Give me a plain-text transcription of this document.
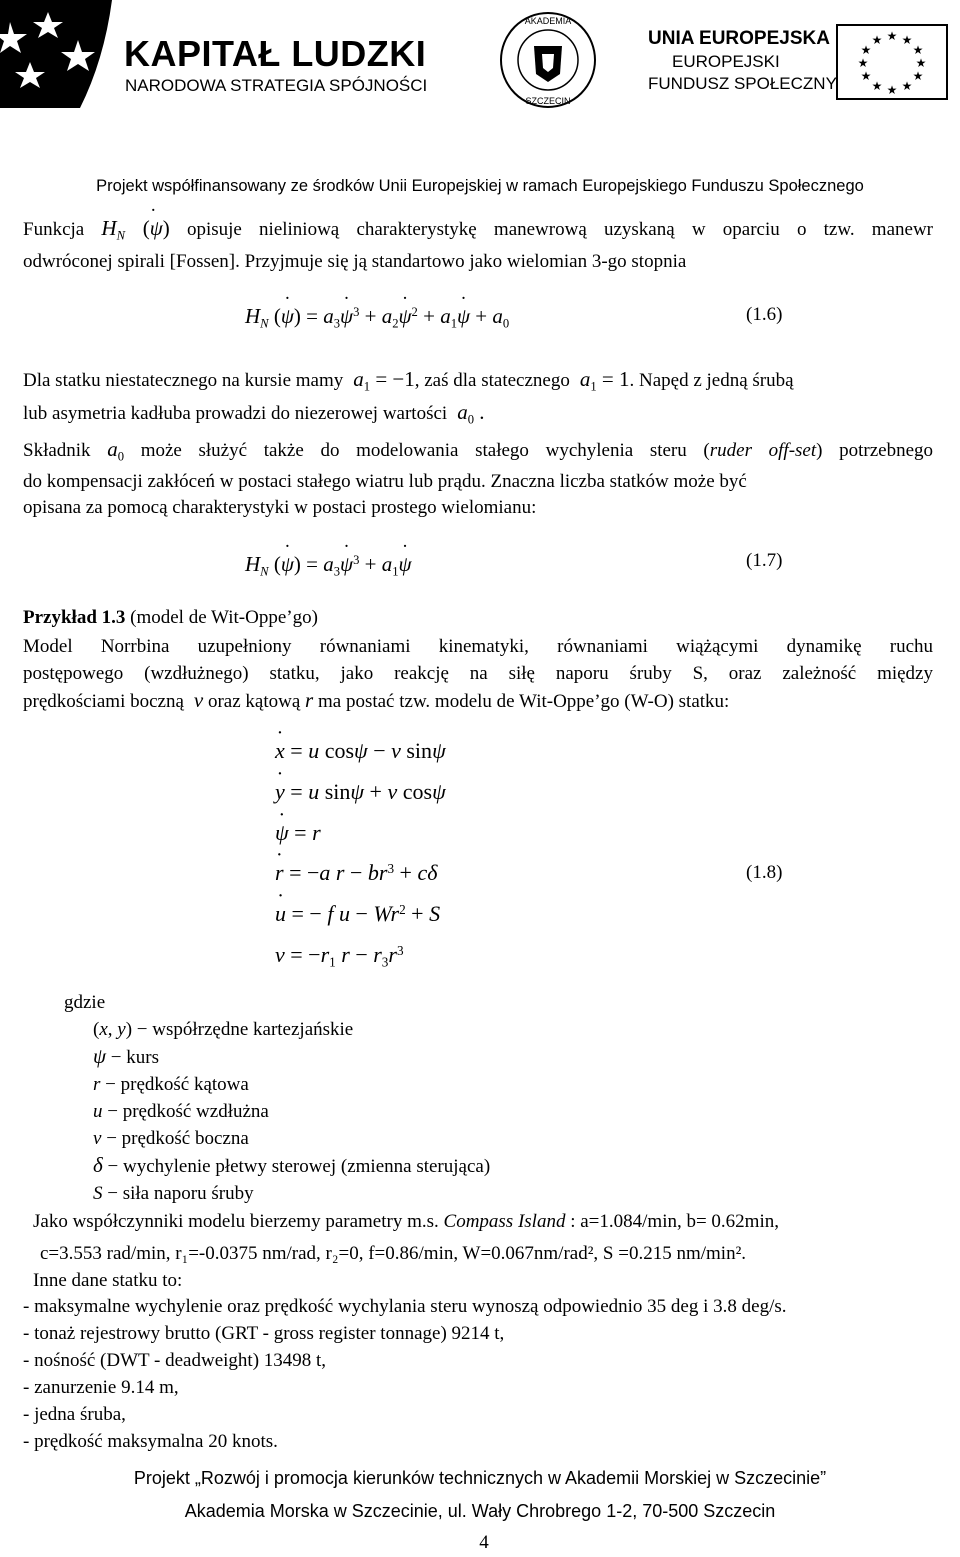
KAPITAŁ LUDZKI
NARODOWA STRATEGIA SPÓJNOŚCI
AKADEMIA
SZCZECIN
UNIA EUROPEJSKA
EUROPEJSKI
FUNDUSZ SPOŁECZNY
★ ★
★
★
★
★
★
★
★
★
★
★
Projekt współfinansowany ze środków Unii Europejskiej w ramach Europejskiego Funduszu Społecznego
Funkcja $H_N$ (ψ ˙) opisuje nieliniową charakterystykę manewrową uzyskaną w oparciu o tzw. manewr
odwróconej spirali [Fossen]. Przyjmuje się ją standartowo jako wielomian 3-go stopnia
$H_N$ (ψ ˙) = $a_3\psi$ ˙$^3$ + $a_2\psi$ ˙$^2$ + $a_1\psi$ ˙ + $a_0$	(1.6)
Dla statku niestatecznego na kursie mamy $a_1 = -1$, zaś dla statecznego $a_1 = 1$. Napęd z jedną śrubą
lub asymetria kadłuba prowadzi do niezerowej wartości $a_0$ .
Składnik $a_0$ może służyć także do modelowania stałego wychylenia steru (ruder off-set) potrzebnego
do kompensacji zakłóceń w postaci stałego wiatru lub prądu. Znaczna liczba statków może być
opisana za pomocą charakterystyki w postaci prostego wielomianu:
$H_N$ (ψ ˙) = $a_3\psi$ ˙$^3$ + $a_1\psi$ ˙	(1.7)
Przykład 1.3 (model de Wit-Oppe’go)
Model Norrbina uzupełniony równaniami kinematyki, równaniami wiążącymi dynamikę ruchu
postępowego (wzdłużnego) statku, jako reakcję na siłę naporu śruby S, oraz zależność między
prędkościami boczną  v oraz kątową r ma postać tzw. modelu de Wit-Oppe’go (W-O) statku:
x ˙ = u cosψ − v sinψ
y ˙ = u sinψ + v cosψ
ψ ˙ = r
r ˙ = −a $r - br^3 + c\delta$
u ˙ = − f $u - Wr^2 + S$
$v = -r_1$ $r - r_3r^3$
(1.8)
gdzie
(x, y) − współrzędne kartezjańskie
ψ − kurs
r − prędkość kątowa
u − prędkość wzdłużna
v − prędkość boczna
δ − wychylenie płetwy sterowej (zmienna sterująca)
S − siła naporu śruby
Jako współczynniki modelu bierzemy parametry m.s. Compass Island : a=1.084/min, b= 0.62min,
c=3.553 rad/min, r₁=-0.0375 nm/rad, r₂=0, f=0.86/min, W=0.067nm/rad², S =0.215 nm/min².
Inne dane statku to:
- maksymalne wychylenie oraz prędkość wychylania steru wynoszą odpowiednio 35 deg i 3.8 deg/s.
- tonaż rejestrowy brutto (GRT - gross register tonnage) 9214 t,
- nośność (DWT - deadweight) 13498 t,
- zanurzenie 9.14 m,
- jedna śruba,
- prędkość maksymalna 20 knots.
Projekt „Rozwój i promocja kierunków technicznych w Akademii Morskiej w Szczecinie”
Akademia Morska w Szczecinie, ul. Wały Chrobrego 1-2, 70-500 Szczecin
4
